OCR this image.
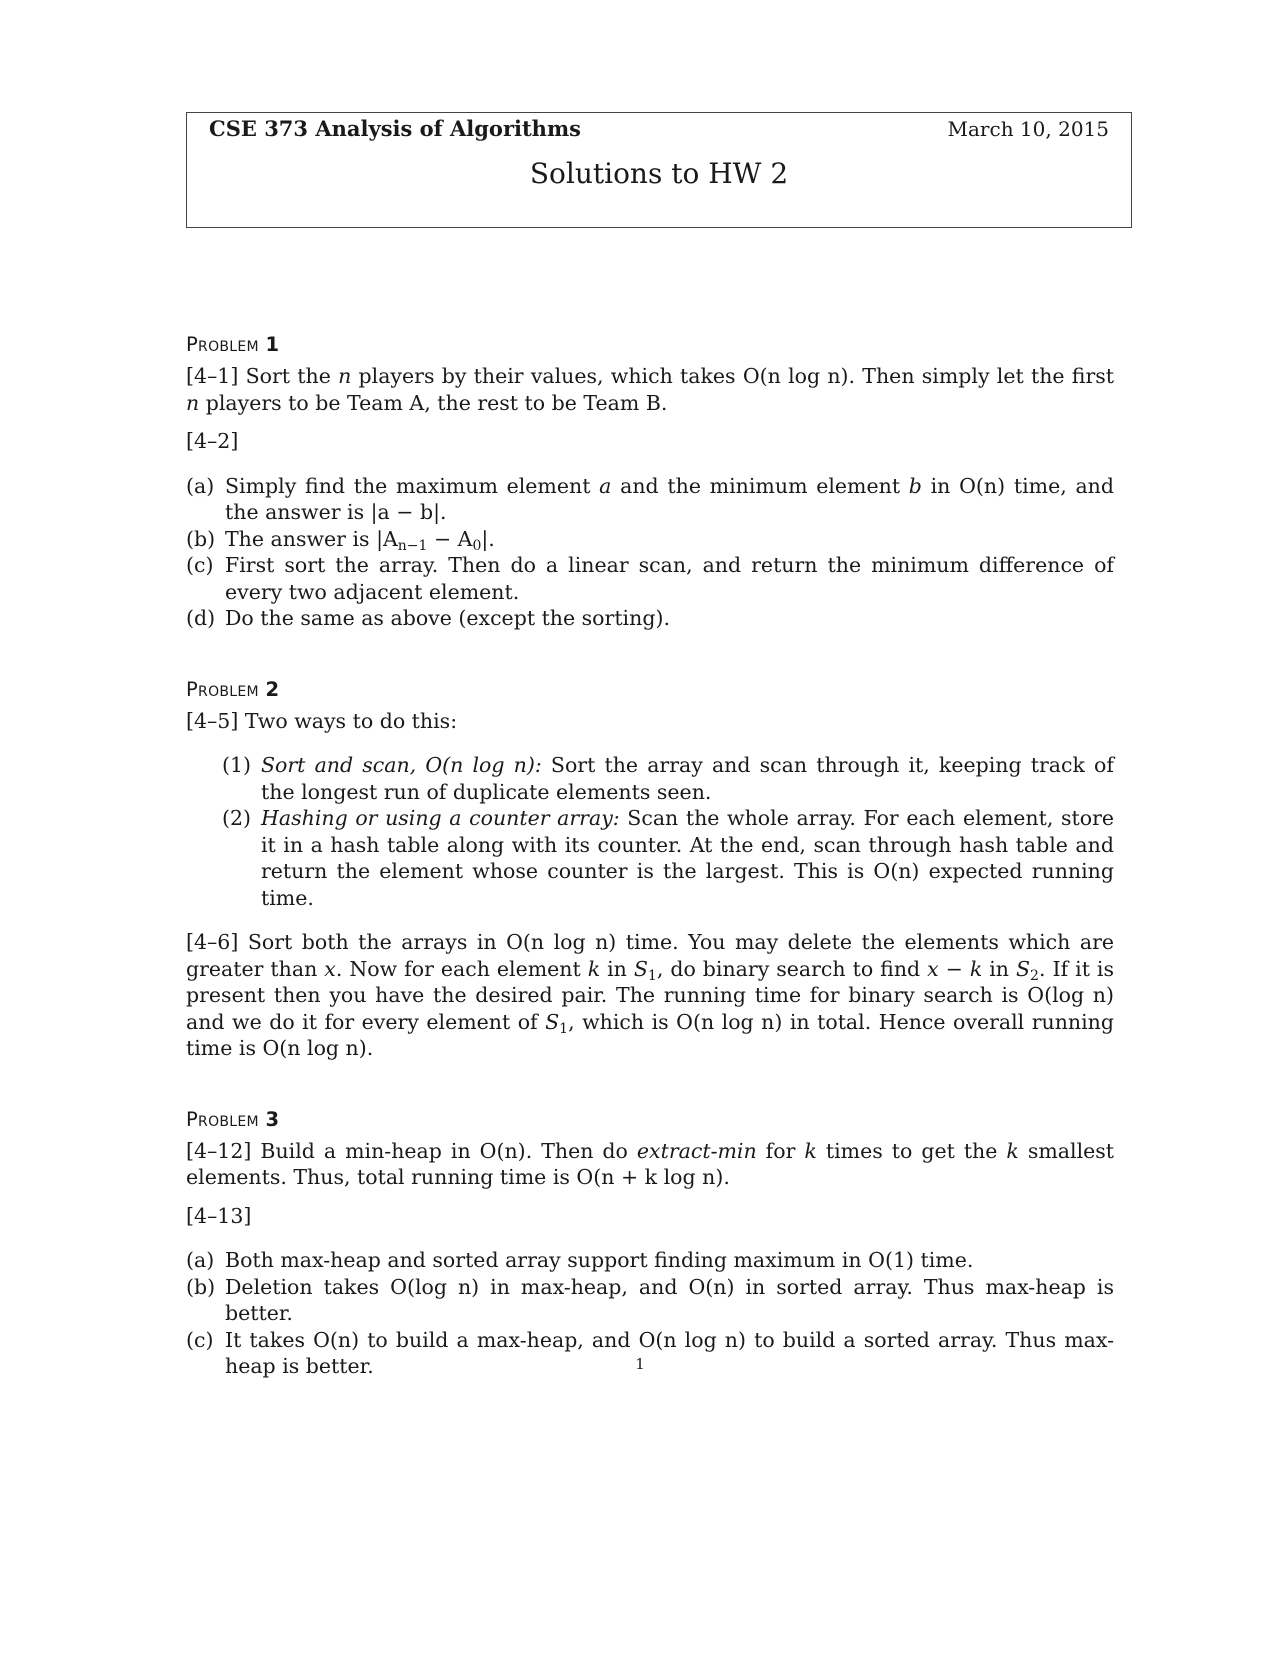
CSE 373 Analysis of Algorithms	March 10, 2015
Solutions to HW 2
Problem 1

[4–1] Sort the n players by their values, which takes O(n log n). Then simply let the first n players to be Team A, the rest to be Team B.

[4–2]

(a) Simply find the maximum element a and the minimum element b in O(n) time, and the answer is |a − b|.
(b) The answer is $|A_{n-1} - A_0|$.
(c) First sort the array. Then do a linear scan, and return the minimum difference of every two adjacent element.
(d) Do the same as above (except the sorting).
Problem 2

[4–5] Two ways to do this:

(1) Sort and scan, O(n log n): Sort the array and scan through it, keeping track of the longest run of duplicate elements seen.
(2) Hashing or using a counter array: Scan the whole array. For each element, store it in a hash table along with its counter. At the end, scan through hash table and return the element whose counter is the largest. This is O(n) expected running time.

[4–6] Sort both the arrays in O(n log n) time. You may delete the elements which are greater than x. Now for each element k in $S_1$, do binary search to find x − k in $S_2$. If it is present then you have the desired pair. The running time for binary search is O(log n) and we do it for every element of $S_1$, which is O(n log n) in total. Hence overall running time is O(n log n).

Problem 3

[4–12] Build a min-heap in O(n). Then do extract-min for k times to get the k smallest elements. Thus, total running time is O(n + k log n).

[4–13]

(a) Both max-heap and sorted array support finding maximum in O(1) time.
(b) Deletion takes O(log n) in max-heap, and O(n) in sorted array. Thus max-heap is better.
(c) It takes O(n) to build a max-heap, and O(n log n) to build a sorted array. Thus max-heap is better.	1
